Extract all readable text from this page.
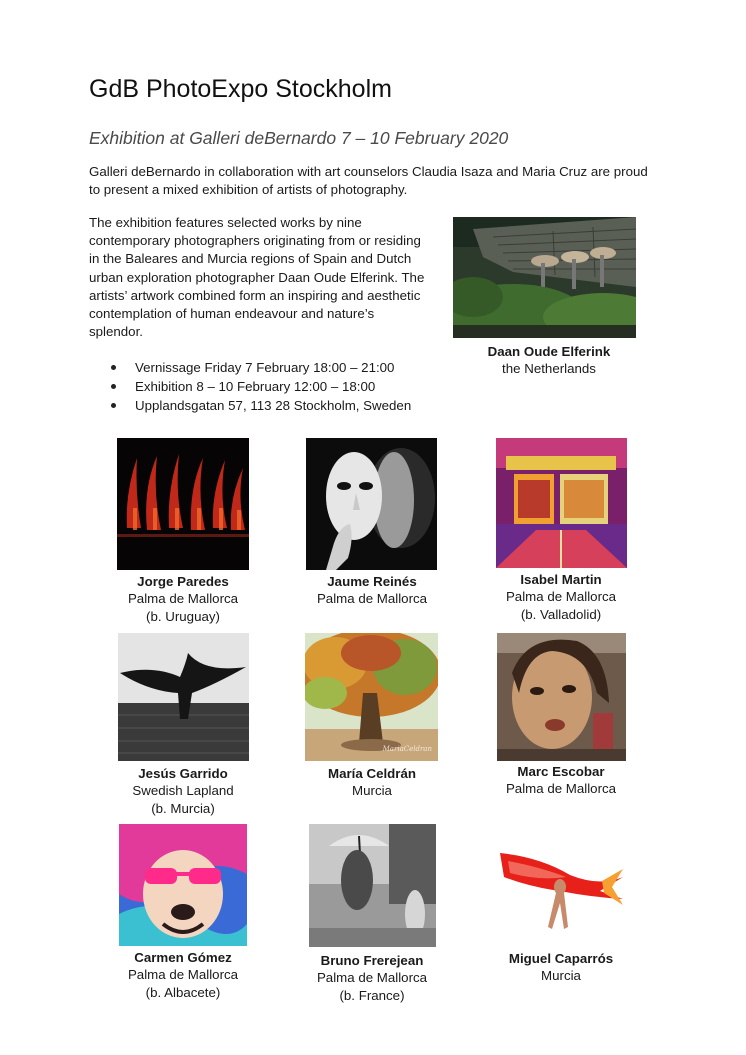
GdB PhotoExpo Stockholm
Exhibition at Galleri deBernardo 7 – 10 February 2020
Galleri deBernardo in collaboration with art counselors Claudia Isaza and Maria Cruz are proud to present a mixed exhibition of artists of photography.
The exhibition features selected works by nine contemporary photographers originating from or residing in the Baleares and Murcia regions of Spain and Dutch urban exploration photographer Daan Oude Elferink. The artists’ artwork combined form an inspiring and aesthetic contemplation of human endeavour and nature’s splendor.
Vernissage Friday 7 February 18:00 – 21:00
Exhibition 8 – 10 February 12:00 – 18:00
Upplandsgatan 57, 113 28 Stockholm, Sweden
Daan Oude Elferink
the Netherlands
Jorge Paredes
Palma de Mallorca
(b. Uruguay)
Jaume Reinés
Palma de Mallorca
Isabel Martin
Palma de Mallorca
(b. Valladolid)
Jesús Garrido
Swedish Lapland
(b. Murcia)
MariaCeldran
María Celdrán
Murcia
Marc Escobar
Palma de Mallorca
Carmen Gómez
Palma de Mallorca
(b. Albacete)
Bruno Frerejean
Palma de Mallorca
(b. France)
Miguel Caparrós
Murcia
